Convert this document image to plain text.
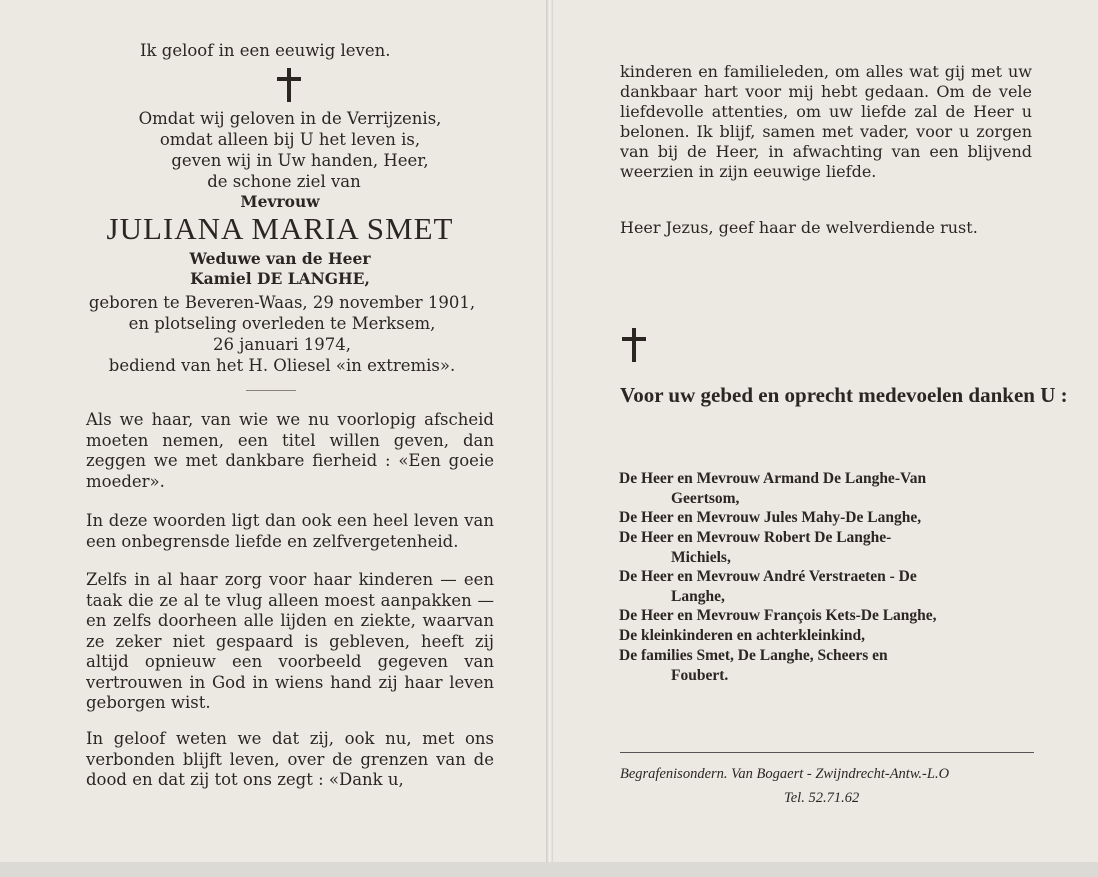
Ik geloof in een eeuwig leven.
Omdat wij geloven in de Verrijzenis,
omdat alleen bij U het leven is,
geven wij in Uw handen, Heer,
de schone ziel van
Mevrouw
JULIANA MARIA SMET
Weduwe van de Heer
Kamiel DE LANGHE,
geboren te Beveren-Waas, 29 november 1901,
en plotseling overleden te Merksem,
26 januari 1974,
bediend van het H. Oliesel «in extremis».
Als we haar, van wie we nu voorlopig afscheid moeten nemen, een titel willen geven, dan zeggen we met dankbare fierheid : «Een goeie moeder».
In deze woorden ligt dan ook een heel leven van een onbegrensde liefde en zelfvergetenheid.
Zelfs in al haar zorg voor haar kinderen — een taak die ze al te vlug alleen moest aanpakken — en zelfs doorheen alle lijden en ziekte, waarvan ze zeker niet gespaard is gebleven, heeft zij altijd opnieuw een voorbeeld gegeven van vertrouwen in God in wiens hand zij haar leven geborgen wist.
In geloof weten we dat zij, ook nu, met ons verbonden blijft leven, over de grenzen van de dood en dat zij tot ons zegt : «Dank u,
kinderen en familieleden, om alles wat gij met uw dankbaar hart voor mij hebt gedaan. Om de vele liefdevolle attenties, om uw liefde zal de Heer u belonen. Ik blijf, samen met vader, voor u zorgen van bij de Heer, in afwachting van een blijvend weerzien in zijn eeuwige liefde.
Heer Jezus, geef haar de welverdiende rust.
Voor uw gebed en oprecht medevoelen danken U :
De Heer en Mevrouw Armand De Langhe-Van
Geertsom,
De Heer en Mevrouw Jules Mahy-De Langhe,
De Heer en Mevrouw Robert De Langhe-
Michiels,
De Heer en Mevrouw André Verstraeten - De
Langhe,
De Heer en Mevrouw François Kets-De Langhe,
De kleinkinderen en achterkleinkind,
De families Smet, De Langhe, Scheers en
Foubert.
Begrafenisondern. Van Bogaert - Zwijndrecht-Antw.-L.O
Tel. 52.71.62
